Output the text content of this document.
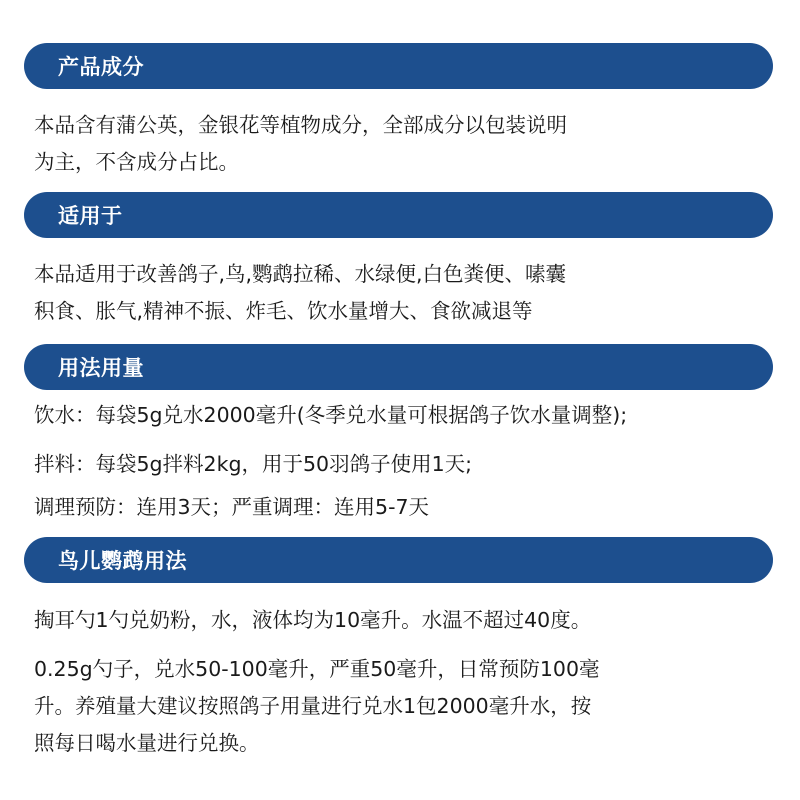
产品成分
本品含有蒲公英，金银花等植物成分，全部成分以包装说明
为主，不含成分占比。
适用于
本品适用于改善鸽子,鸟,鹦鹉拉稀、水绿便,白色粪便、嗉囊
积食、胀气,精神不振、炸毛、饮水量增大、食欲减退等
用法用量
饮水：每袋5g兑水2000毫升(冬季兑水量可根据鸽子饮水量调整);
拌料：每袋5g拌料2kg，用于50羽鸽子使用1天;
调理预防：连用3天；严重调理：连用5-7天
鸟儿鹦鹉用法
掏耳勺1勺兑奶粉，水，液体均为10毫升。水温不超过40度。
0.25g勺子，兑水50-100毫升，严重50毫升，日常预防100毫
升。养殖量大建议按照鸽子用量进行兑水1包2000毫升水，按
照每日喝水量进行兑换。
